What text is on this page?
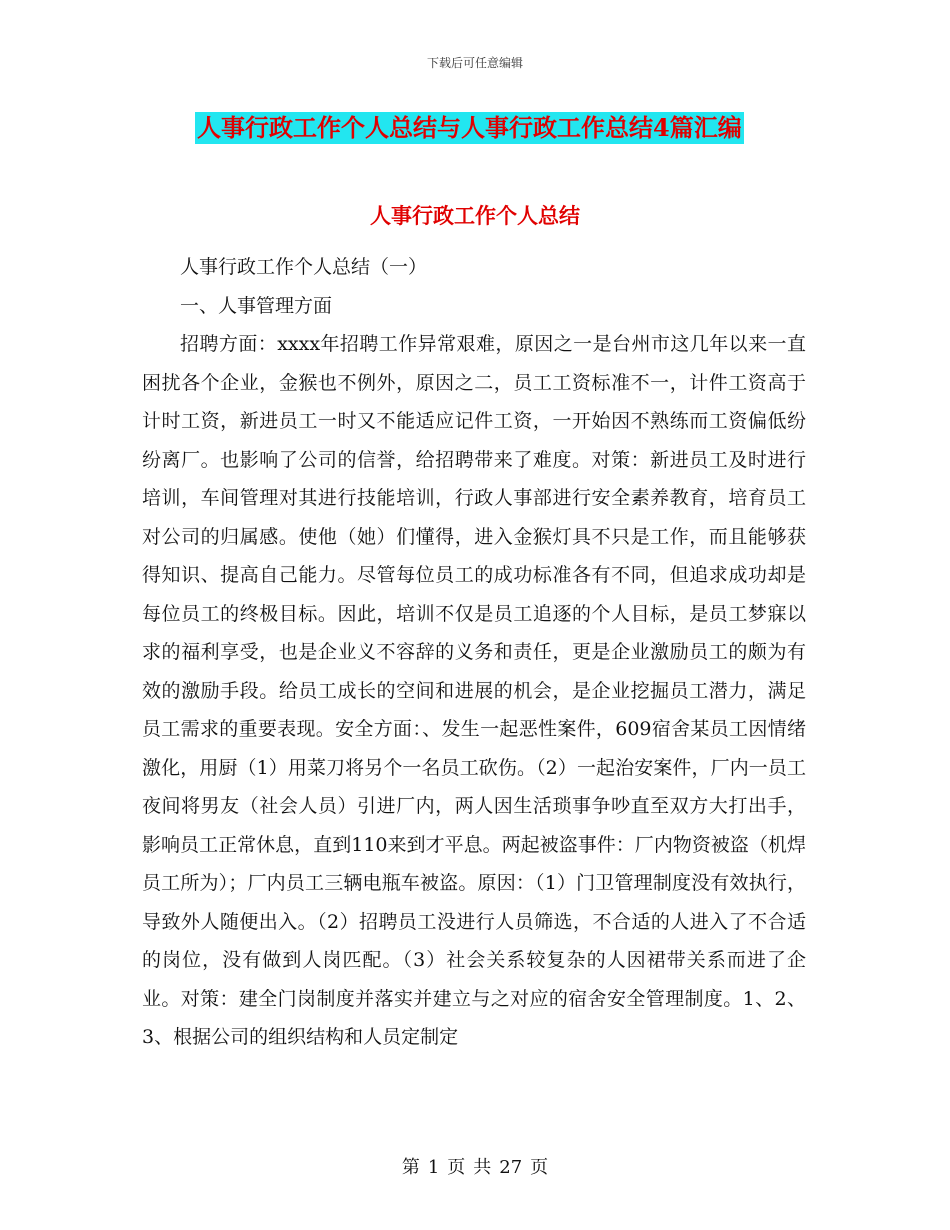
下载后可任意编辑
人事行政工作个人总结与人事行政工作总结4篇汇编
人事行政工作个人总结

人事行政工作个人总结（一）

一、人事管理方面

招聘方面：xxxx年招聘工作异常艰难，原因之一是台州市这几年以来一直困扰各个企业，金猴也不例外，原因之二，员工工资标准不一，计件工资高于计时工资，新进员工一时又不能适应记件工资，一开始因不熟练而工资偏低纷纷离厂。也影响了公司的信誉，给招聘带来了难度。对策：新进员工及时进行培训，车间管理对其进行技能培训，行政人事部进行安全素养教育，培育员工对公司的归属感。使他（她）们懂得，进入金猴灯具不只是工作，而且能够获得知识、提高自己能力。尽管每位员工的成功标准各有不同，但追求成功却是每位员工的终极目标。因此，培训不仅是员工追逐的个人目标，是员工梦寐以求的福利享受，也是企业义不容辞的义务和责任，更是企业激励员工的颇为有效的激励手段。给员工成长的空间和进展的机会，是企业挖掘员工潜力，满足员工需求的重要表现。安全方面：、发生一起恶性案件，609宿舍某员工因情绪激化，用厨（1）用菜刀将另个一名员工砍伤。（2）一起治安案件，厂内一员工夜间将男友（社会人员）引进厂内，两人因生活琐事争吵直至双方大打出手，影响员工正常休息，直到110来到才平息。两起被盗事件：厂内物资被盗（机焊员工所为）；厂内员工三辆电瓶车被盗。原因：（1）门卫管理制度没有效执行，导致外人随便出入。（2）招聘员工没进行人员筛选，不合适的人进入了不合适的岗位，没有做到人岗匹配。（3）社会关系较复杂的人因裙带关系而进了企业。对策：建全门岗制度并落实并建立与之对应的宿舍安全管理制度。1、2、3、根据公司的组织结构和人员定制定

第 1 页 共 27 页
